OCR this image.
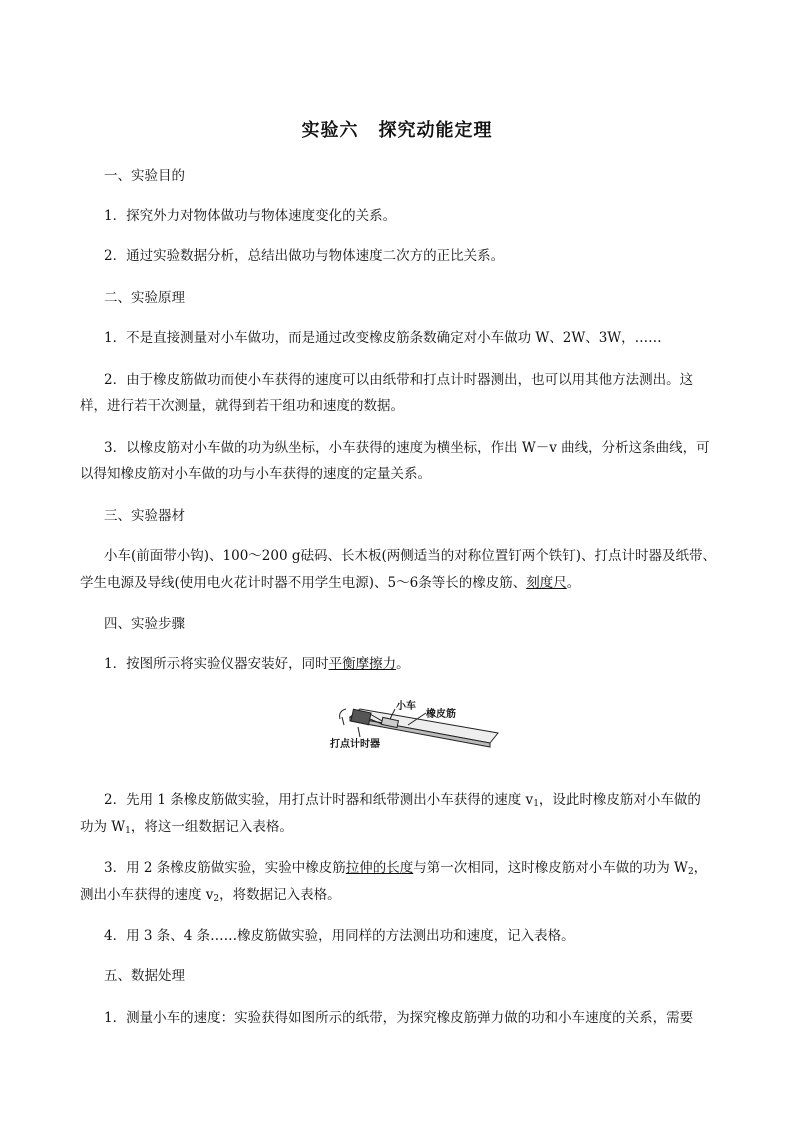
实验六 探究动能定理
一、实验目的
1．探究外力对物体做功与物体速度变化的关系。
2．通过实验数据分析，总结出做功与物体速度二次方的正比关系。
二、实验原理
1．不是直接测量对小车做功，而是通过改变橡皮筋条数确定对小车做功 W、2W、3W，……
2．由于橡皮筋做功而使小车获得的速度可以由纸带和打点计时器测出，也可以用其他方法测出。这
样，进行若干次测量，就得到若干组功和速度的数据。
3．以橡皮筋对小车做的功为纵坐标，小车获得的速度为横坐标，作出 W－v 曲线，分析这条曲线，可
以得知橡皮筋对小车做的功与小车获得的速度的定量关系。
三、实验器材
小车(前面带小钩)、100～200 g砝码、长木板(两侧适当的对称位置钉两个铁钉)、打点计时器及纸带、
学生电源及导线(使用电火花计时器不用学生电源)、5～6条等长的橡皮筋、刻度尺。
四、实验步骤
1．按图所示将实验仪器安装好，同时平衡摩擦力。
小车
橡皮筋
打点计时器
2．先用 1 条橡皮筋做实验，用打点计时器和纸带测出小车获得的速度 $v_1$，设此时橡皮筋对小车做的
功为 $W_1$，将这一组数据记入表格。
3．用 2 条橡皮筋做实验，实验中橡皮筋拉伸的长度与第一次相同，这时橡皮筋对小车做的功为 $W_2$，
测出小车获得的速度 $v_2$，将数据记入表格。
4．用 3 条、4 条……橡皮筋做实验，用同样的方法测出功和速度，记入表格。
五、数据处理
1．测量小车的速度：实验获得如图所示的纸带，为探究橡皮筋弹力做的功和小车速度的关系，需要
